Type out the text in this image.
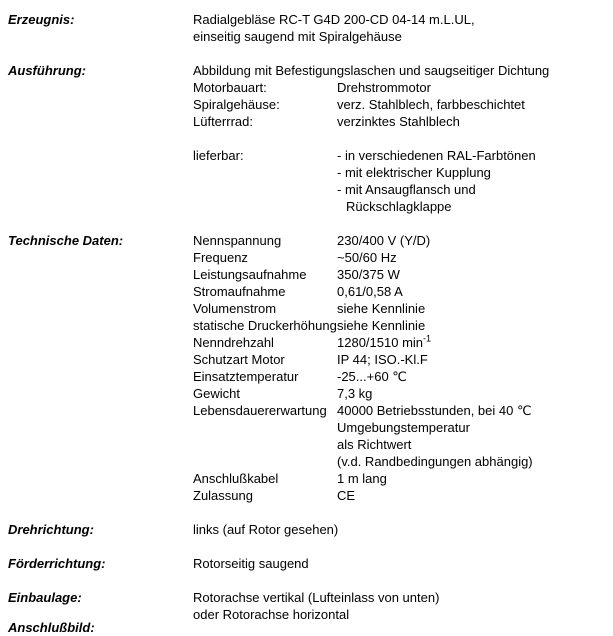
Erzeugnis:	Radialgebläse RC-T G4D 200-CD 04-14 m.L.UL,
einseitig saugend mit Spiralgehäuse
Ausführung:	Abbildung mit Befestigungslaschen und saugseitiger Dichtung
Motorbauart:	Drehstrommotor
Spiralgehäuse:	verz. Stahlblech, farbbeschichtet
Lüfterrrad:	verzinktes Stahlblech
lieferbar:	- in verschiedenen RAL-Farbtönen
- mit elektrischer Kupplung
- mit Ansaugflansch und
Rückschlagklappe
Technische Daten:	Nennspannung	230/400 V (Y/D)
Frequenz	~50/60 Hz
Leistungsaufnahme 350/375 W
Stromaufnahme	0,61/0,58 A
Volumenstrom	siehe Kennlinie
statische Druckerhöhung siehe Kennlinie
Nenndrehzahl	1280/1510 $\min^{-1}$
Schutzart Motor	IP 44; ISO.-Kl.F
Einsatztemperatur	-25...+60 ℃
Gewicht	7,3 kg
Lebensdauererwartung 40000 Betriebsstunden, bei 40 ℃
Umgebungstemperatur
als Richtwert
(v.d. Randbedingungen abhängig)
Anschlußkabel	1 m lang
Zulassung	CE
Drehrichtung:	links (auf Rotor gesehen)
Förderrichtung:	Rotorseitig saugend
Einbaulage:	Rotorachse vertikal (Lufteinlass von unten)
oder Rotorachse horizontal
Anschlußbild:
